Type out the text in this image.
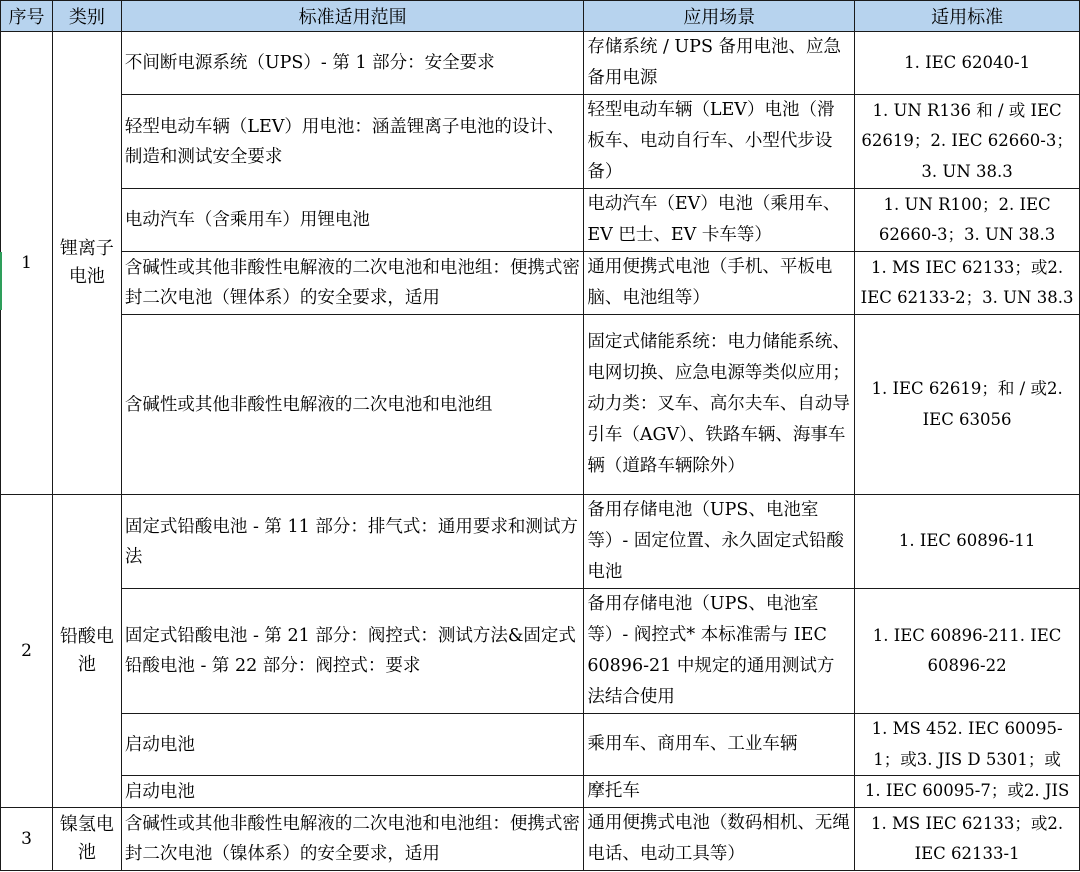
序号	类别	标准适用范围	应用场景	适用标准
1	锂离子电池	不间断电源系统（UPS）- 第 1 部分：安全要求	存储系统 / UPS 备用电池、应急备用电源	1. IEC 62040-1
		轻型电动车辆（LEV）用电池：涵盖锂离子电池的设计、制造和测试安全要求	轻型电动车辆（LEV）电池（滑板车、电动自行车、小型代步设备）	1. UN R136 和 / 或 IEC 62619；2. IEC 62660-3；3. UN 38.3
		电动汽车（含乘用车）用锂电池	电动汽车（EV）电池（乘用车、EV 巴士、EV 卡车等）	1. UN R100；2. IEC 62660-3；3. UN 38.3
		含碱性或其他非酸性电解液的二次电池和电池组：便携式密封二次电池（锂体系）的安全要求，适用	通用便携式电池（手机、平板电脑、电池组等）	1. MS IEC 62133；或2. IEC 62133-2；3. UN 38.3
		含碱性或其他非酸性电解液的二次电池和电池组	固定式储能系统：电力储能系统、电网切换、应急电源等类似应用；动力类：叉车、高尔夫车、自动导引车（AGV）、铁路车辆、海事车辆（道路车辆除外）	1. IEC 62619；和 / 或2. IEC 63056
2	铅酸电池	固定式铅酸电池 - 第 11 部分：排气式：通用要求和测试方法	备用存储电池（UPS、电池室等）- 固定位置、永久固定式铅酸电池	1. IEC 60896-11
		固定式铅酸电池 - 第 21 部分：阀控式：测试方法&固定式铅酸电池 - 第 22 部分：阀控式：要求	备用存储电池（UPS、电池室等）- 阀控式* 本标准需与 IEC 60896-21 中规定的通用测试方法结合使用	1. IEC 60896-211. IEC 60896-22
		启动电池	乘用车、商用车、工业车辆	1. MS 452. IEC 60095-1；或3. JIS D 5301；或
		启动电池	摩托车	1. IEC 60095-7；或2. JIS
3	镍氢电池	含碱性或其他非酸性电解液的二次电池和电池组：便携式密封二次电池（镍体系）的安全要求，适用	通用便携式电池（数码相机、无绳电话、电动工具等）	1. MS IEC 62133；或2. IEC 62133-1
